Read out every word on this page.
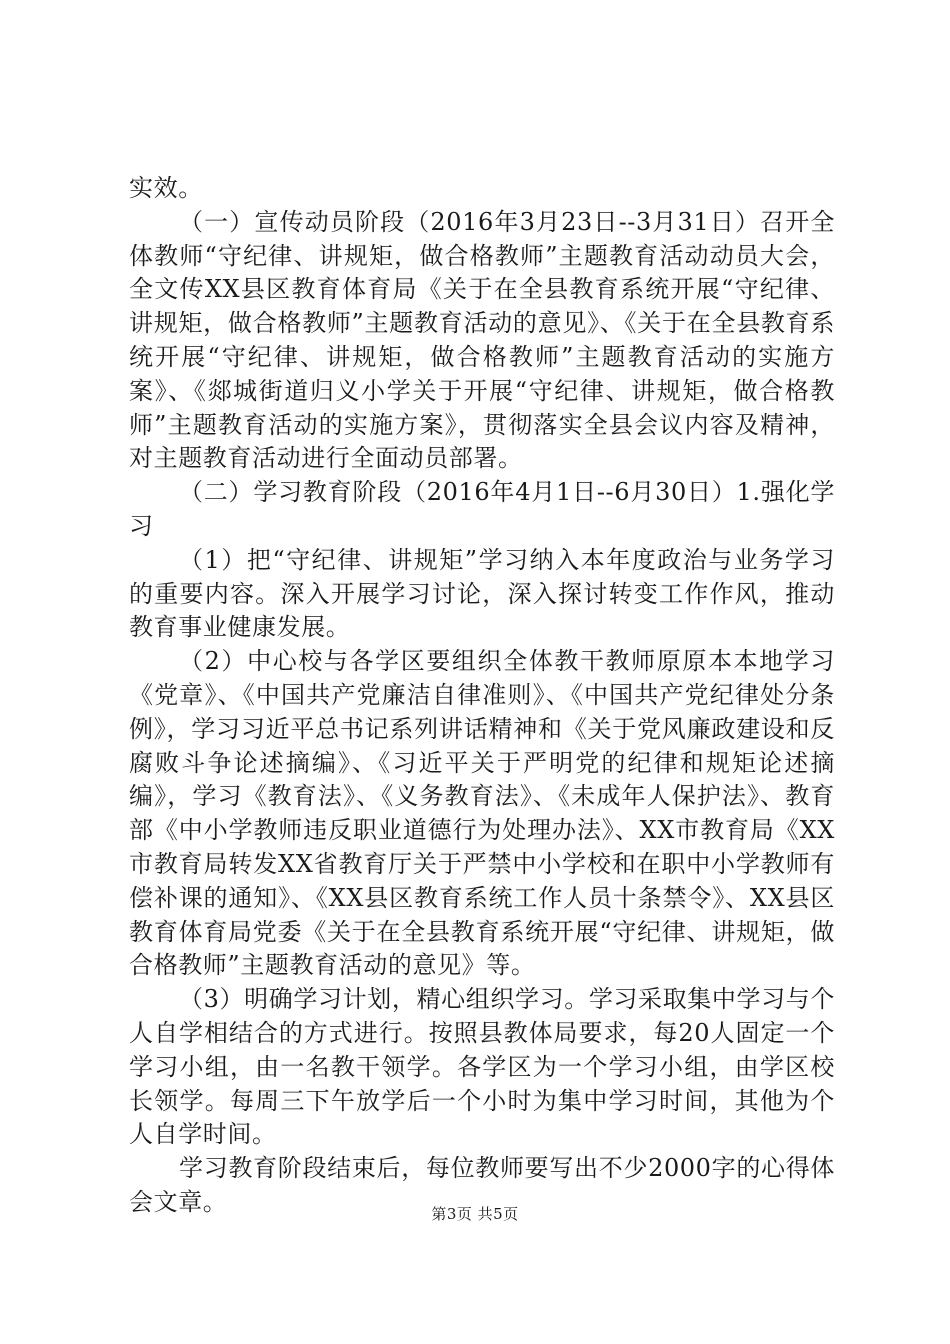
实效。

（一）宣传动员阶段（2016年3月23日--3月31日）召开全体教师“守纪律、讲规矩，做合格教师”主题教育活动动员大会，全文传XX县区教育体育局《关于在全县教育系统开展“守纪律、讲规矩，做合格教师”主题教育活动的意见》、《关于在全县教育系统开展“守纪律、讲规矩，做合格教师”主题教育活动的实施方案》、《郯城街道归义小学关于开展“守纪律、讲规矩，做合格教师”主题教育活动的实施方案》，贯彻落实全县会议内容及精神，对主题教育活动进行全面动员部署。

（二）学习教育阶段（2016年4月1日--6月30日）1.强化学习

（1）把“守纪律、讲规矩”学习纳入本年度政治与业务学习的重要内容。深入开展学习讨论，深入探讨转变工作作风，推动教育事业健康发展。

（2）中心校与各学区要组织全体教干教师原原本本地学习《党章》、《中国共产党廉洁自律准则》、《中国共产党纪律处分条例》，学习习近平总书记系列讲话精神和《关于党风廉政建设和反腐败斗争论述摘编》、《习近平关于严明党的纪律和规矩论述摘编》，学习《教育法》、《义务教育法》、《未成年人保护法》、教育部《中小学教师违反职业道德行为处理办法》、XX市教育局《XX市教育局转发XX省教育厅关于严禁中小学校和在职中小学教师有偿补课的通知》、《XX县区教育系统工作人员十条禁令》、XX县区教育体育局党委《关于在全县教育系统开展“守纪律、讲规矩，做合格教师”主题教育活动的意见》等。

（3）明确学习计划，精心组织学习。学习采取集中学习与个人自学相结合的方式进行。按照县教体局要求，每20人固定一个学习小组，由一名教干领学。各学区为一个学习小组，由学区校长领学。每周三下午放学后一个小时为集中学习时间，其他为个人自学时间。

学习教育阶段结束后，每位教师要写出不少2000字的心得体会文章。	第3页 共5页
